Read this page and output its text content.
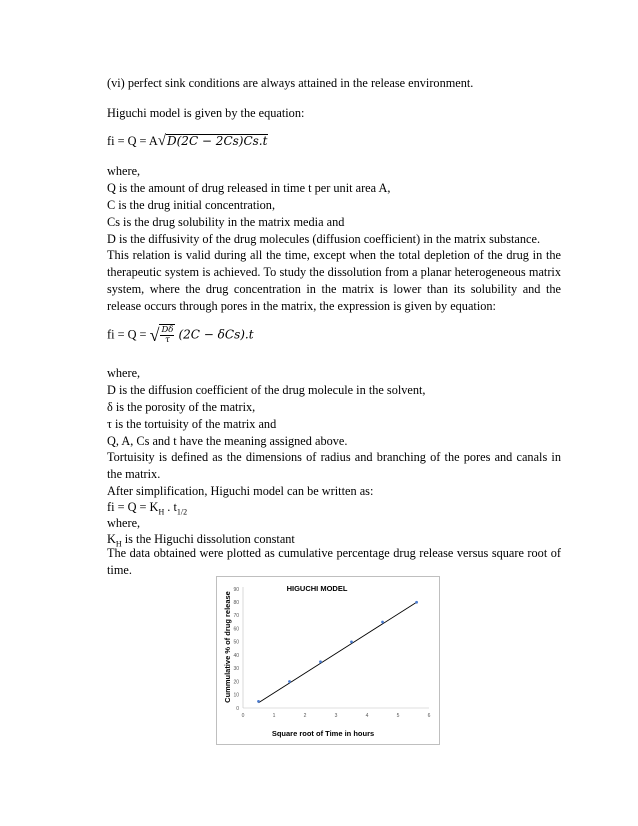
(vi) perfect sink conditions are always attained in the release environment.

Higuchi model is given by the equation:

fi = Q = A√D(2C − 2Cs)Cs.t

where,

Q is the amount of drug released in time t per unit area A,

C is the drug initial concentration,

Cs is the drug solubility in the matrix media and

D is the diffusivity of the drug molecules (diffusion coefficient) in the matrix substance.

This relation is valid during all the time, except when the total depletion of the drug in the therapeutic system is achieved. To study the dissolution from a planar heterogeneous matrix system, where the drug concentration in the matrix is lower than its solubility and the release occurs through pores in the matrix, the expression is given by equation:

fi = Q = √ $\frac{D\delta}{\tau} (2C - \delta Cs).t$

where,

D is the diffusion coefficient of the drug molecule in the solvent,

δ is the porosity of the matrix,

τ is the tortuisity of the matrix and

Q, A, Cs and t have the meaning assigned above.

Tortuisity is defined as the dimensions of radius and branching of the pores and canals in the matrix.

After simplification, Higuchi model can be written as:

fi = $Q = K_H$ . $t_{1/2}$

where,

$K_H$ is the Higuchi dissolution constant

The data obtained were plotted as cumulative percentage drug release versus square root of time.

HIGUCHI MODEL
0
10
20
30
40
50
60
70
80
90
0	1	2	3	4	5	6
Square root of Time in hours
Cummulative % of drug release
